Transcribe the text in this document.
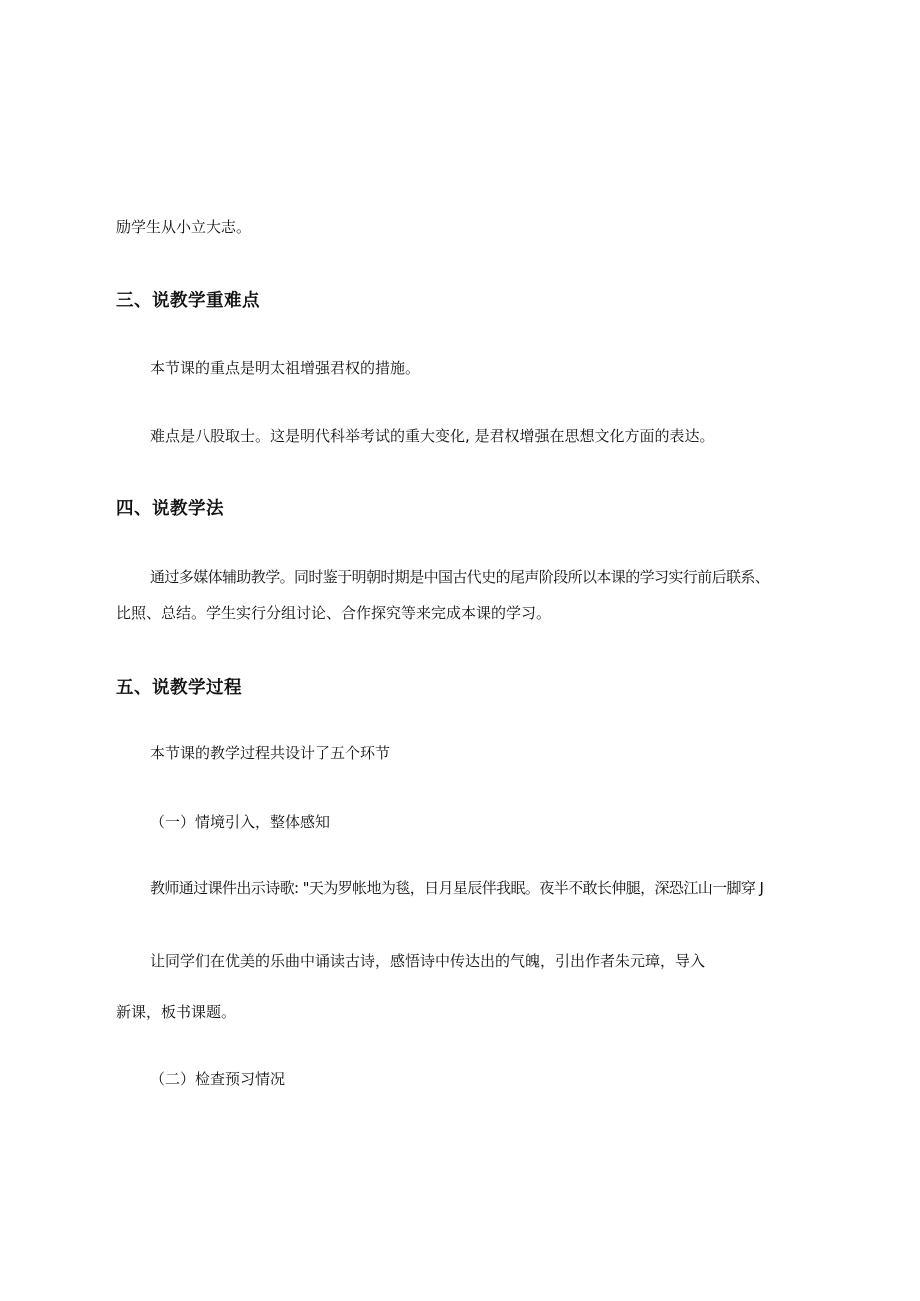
励学生从小立大志。

三、说教学重难点

本节课的重点是明太祖增强君权的措施。

难点是八股取士。这是明代科举考试的重大变化, 是君权增强在思想文化方面的表达。

四、说教学法

通过多媒体辅助教学。同时鉴于明朝时期是中国古代史的尾声阶段所以本课的学习实行前后联系、

比照、总结。学生实行分组讨论、合作探究等来完成本课的学习。

五、说教学过程

本节课的教学过程共设计了五个环节

（一）情境引入，整体感知

教师通过课件出示诗歌: "天为罗帐地为毯，日月星辰伴我眠。夜半不敢长伸腿，深恐江山一脚穿 J

让同学们在优美的乐曲中诵读古诗，感悟诗中传达出的气魄，引出作者朱元璋，导入

新课，板书课题。

（二）检查预习情况
